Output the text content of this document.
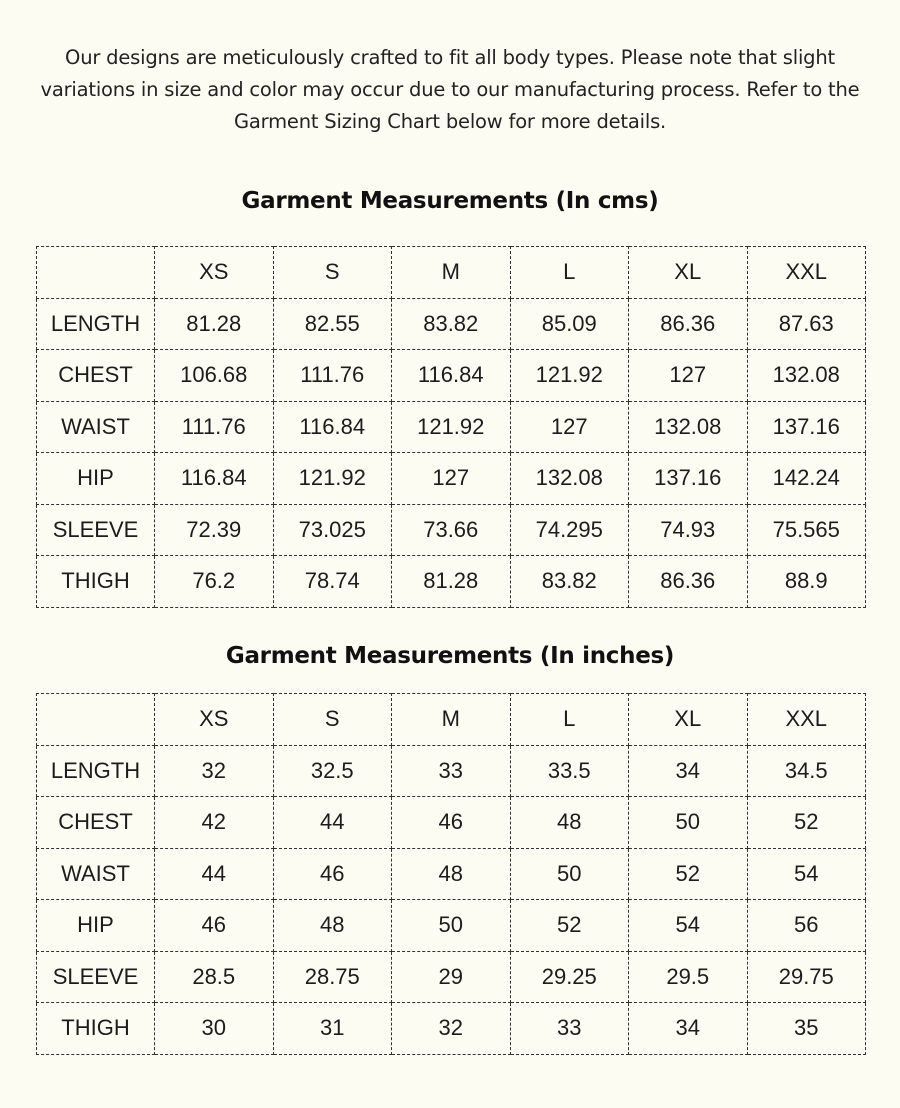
Our designs are meticulously crafted to fit all body types. Please note that slight variations in size and color may occur due to our manufacturing process. Refer to the Garment Sizing Chart below for more details.
Garment Measurements (In cms)
	XS	S	M	L	XL	XXL
LENGTH	81.28	82.55	83.82	85.09	86.36	87.63
CHEST	106.68	111.76	116.84	121.92	127	132.08
WAIST	111.76	116.84	121.92	127	132.08	137.16
HIP	116.84	121.92	127	132.08	137.16	142.24
SLEEVE	72.39	73.025	73.66	74.295	74.93	75.565
THIGH	76.2	78.74	81.28	83.82	86.36	88.9
Garment Measurements (In inches)
	XS	S	M	L	XL	XXL
LENGTH	32	32.5	33	33.5	34	34.5
CHEST	42	44	46	48	50	52
WAIST	44	46	48	50	52	54
HIP	46	48	50	52	54	56
SLEEVE	28.5	28.75	29	29.25	29.5	29.75
THIGH	30	31	32	33	34	35
